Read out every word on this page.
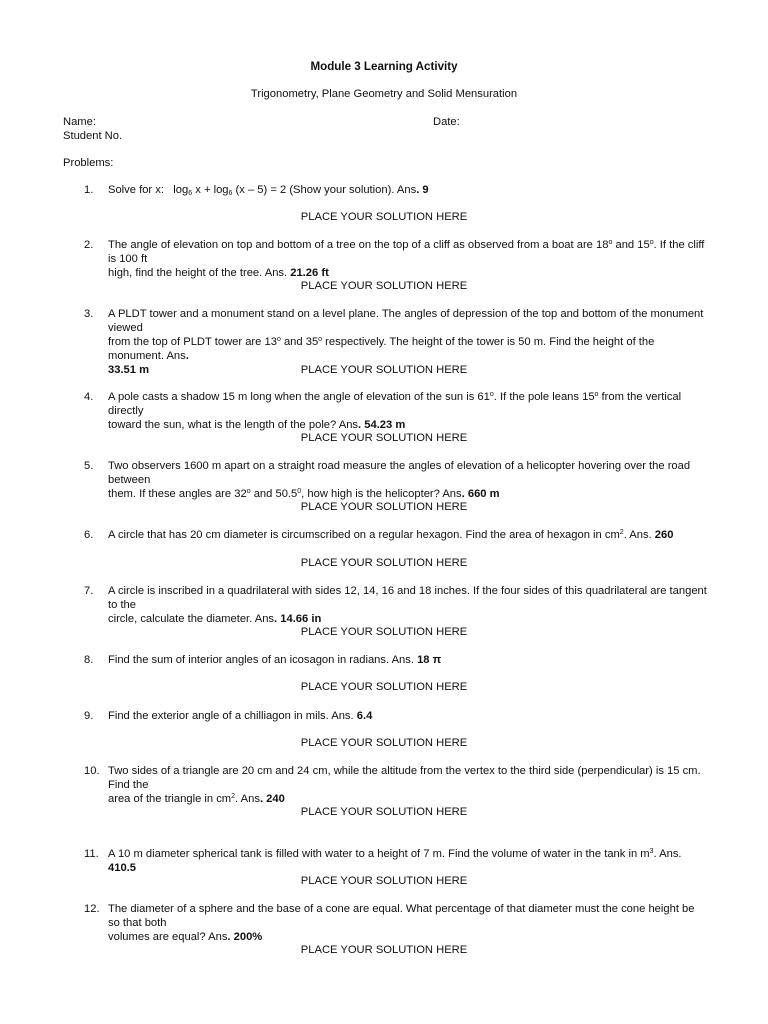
Module 3 Learning Activity
Trigonometry, Plane Geometry and Solid Mensuration
Name:	Date:
Student No.
Problems:
1.	Solve for x: $\log_6 x + \log_6 (x - 5) = 2$ (Show your solution). Ans. 9
PLACE YOUR SOLUTION HERE
2.	The angle of elevation on top and bottom of a tree on the top of a cliff as observed from a boat are 18$^o$ and 15$^o$. If the cliff is 100 ft
high, find the height of the tree. Ans. 21.26 ft
PLACE YOUR SOLUTION HERE
3.	A PLDT tower and a monument stand on a level plane. The angles of depression of the top and bottom of the monument viewed
from the top of PLDT tower are 13$^o$ and 35$^o$ respectively. The height of the tower is 50 m. Find the height of the monument. Ans.
33.51 m	PLACE YOUR SOLUTION HERE
4.	A pole casts a shadow 15 m long when the angle of elevation of the sun is 61$^o$. If the pole leans 15$^o$ from the vertical directly
toward the sun, what is the length of the pole? Ans. 54.23 m
PLACE YOUR SOLUTION HERE
5.	Two observers 1600 m apart on a straight road measure the angles of elevation of a helicopter hovering over the road between
them. If these angles are 32$^o$ and 50.5$^0$, how high is the helicopter? Ans. 660 m
PLACE YOUR SOLUTION HERE
6.	A circle that has 20 cm diameter is circumscribed on a regular hexagon. Find the area of hexagon in $cm^2$. Ans. 260
PLACE YOUR SOLUTION HERE
7.	A circle is inscribed in a quadrilateral with sides 12, 14, 16 and 18 inches. If the four sides of this quadrilateral are tangent to the
circle, calculate the diameter. Ans. 14.66 in
PLACE YOUR SOLUTION HERE
8.	Find the sum of interior angles of an icosagon in radians. Ans. 18 π
PLACE YOUR SOLUTION HERE
9.	Find the exterior angle of a chilliagon in mils. Ans. 6.4
PLACE YOUR SOLUTION HERE
10. Two sides of a triangle are 20 cm and 24 cm, while the altitude from the vertex to the third side (perpendicular) is 15 cm. Find the
area of the triangle in $cm^2$. Ans. 240
PLACE YOUR SOLUTION HERE
11. A 10 m diameter spherical tank is filled with water to a height of 7 m. Find the volume of water in the tank in $m^3$. Ans. 410.5
PLACE YOUR SOLUTION HERE
12. The diameter of a sphere and the base of a cone are equal. What percentage of that diameter must the cone height be so that both
volumes are equal? Ans. 200%
PLACE YOUR SOLUTION HERE
